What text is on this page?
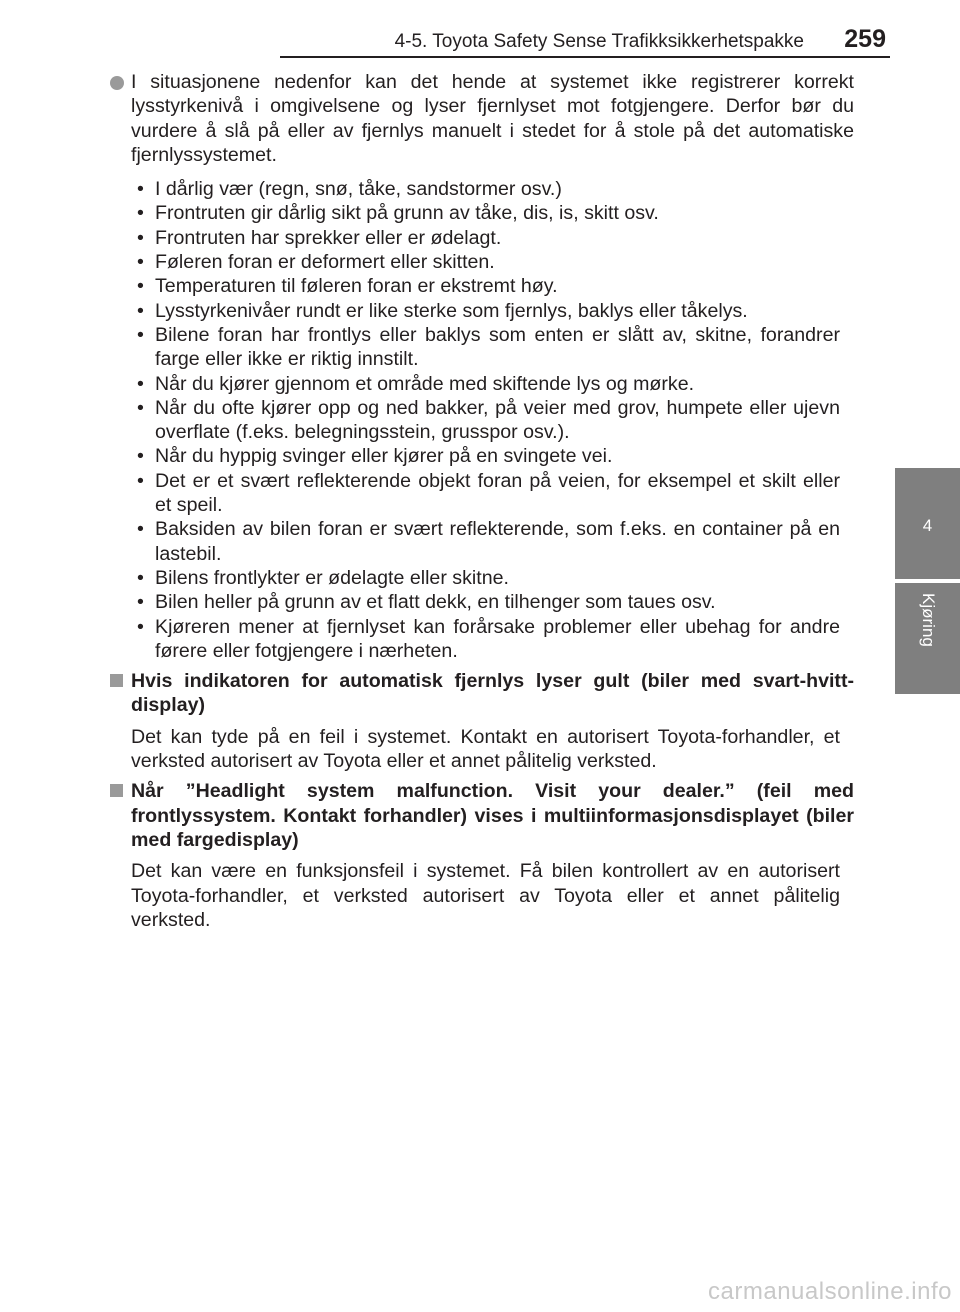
4-5. Toyota Safety Sense Trafikksikkerhetspakke 259
4
Kjøring
I situasjonene nedenfor kan det hende at systemet ikke registrerer korrekt lysstyrkenivå i omgivelsene og lyser fjernlyset mot fotgjengere. Derfor bør du vurdere å slå på eller av fjernlys manuelt i stedet for å stole på det automatiske fjernlyssystemet.
• I dårlig vær (regn, snø, tåke, sandstormer osv.)
• Frontruten gir dårlig sikt på grunn av tåke, dis, is, skitt osv.
• Frontruten har sprekker eller er ødelagt.
• Føleren foran er deformert eller skitten.
• Temperaturen til føleren foran er ekstremt høy.
• Lysstyrkenivåer rundt er like sterke som fjernlys, baklys eller tåkelys.
• Bilene foran har frontlys eller baklys som enten er slått av, skitne, forandrer farge eller ikke er riktig innstilt.
• Når du kjører gjennom et område med skiftende lys og mørke.
• Når du ofte kjører opp og ned bakker, på veier med grov, humpete eller ujevn overflate (f.eks. belegningsstein, grusspor osv.).
• Når du hyppig svinger eller kjører på en svingete vei.
• Det er et svært reflekterende objekt foran på veien, for eksempel et skilt eller et speil.
• Baksiden av bilen foran er svært reflekterende, som f.eks. en container på en lastebil.
• Bilens frontlykter er ødelagte eller skitne.
• Bilen heller på grunn av et flatt dekk, en tilhenger som taues osv.
• Kjøreren mener at fjernlyset kan forårsake problemer eller ubehag for andre førere eller fotgjengere i nærheten.
Hvis indikatoren for automatisk fjernlys lyser gult (biler med svart-hvitt-display)
Det kan tyde på en feil i systemet. Kontakt en autorisert Toyota-forhandler, et verksted autorisert av Toyota eller et annet pålitelig verksted.
Når ”Headlight system malfunction. Visit your dealer.” (feil med frontlyssystem. Kontakt forhandler) vises i multiinformasjonsdisplayet (biler med fargedisplay)
Det kan være en funksjonsfeil i systemet. Få bilen kontrollert av en autorisert Toyota-forhandler, et verksted autorisert av Toyota eller et annet pålitelig verksted.
carmanualsonline.info
